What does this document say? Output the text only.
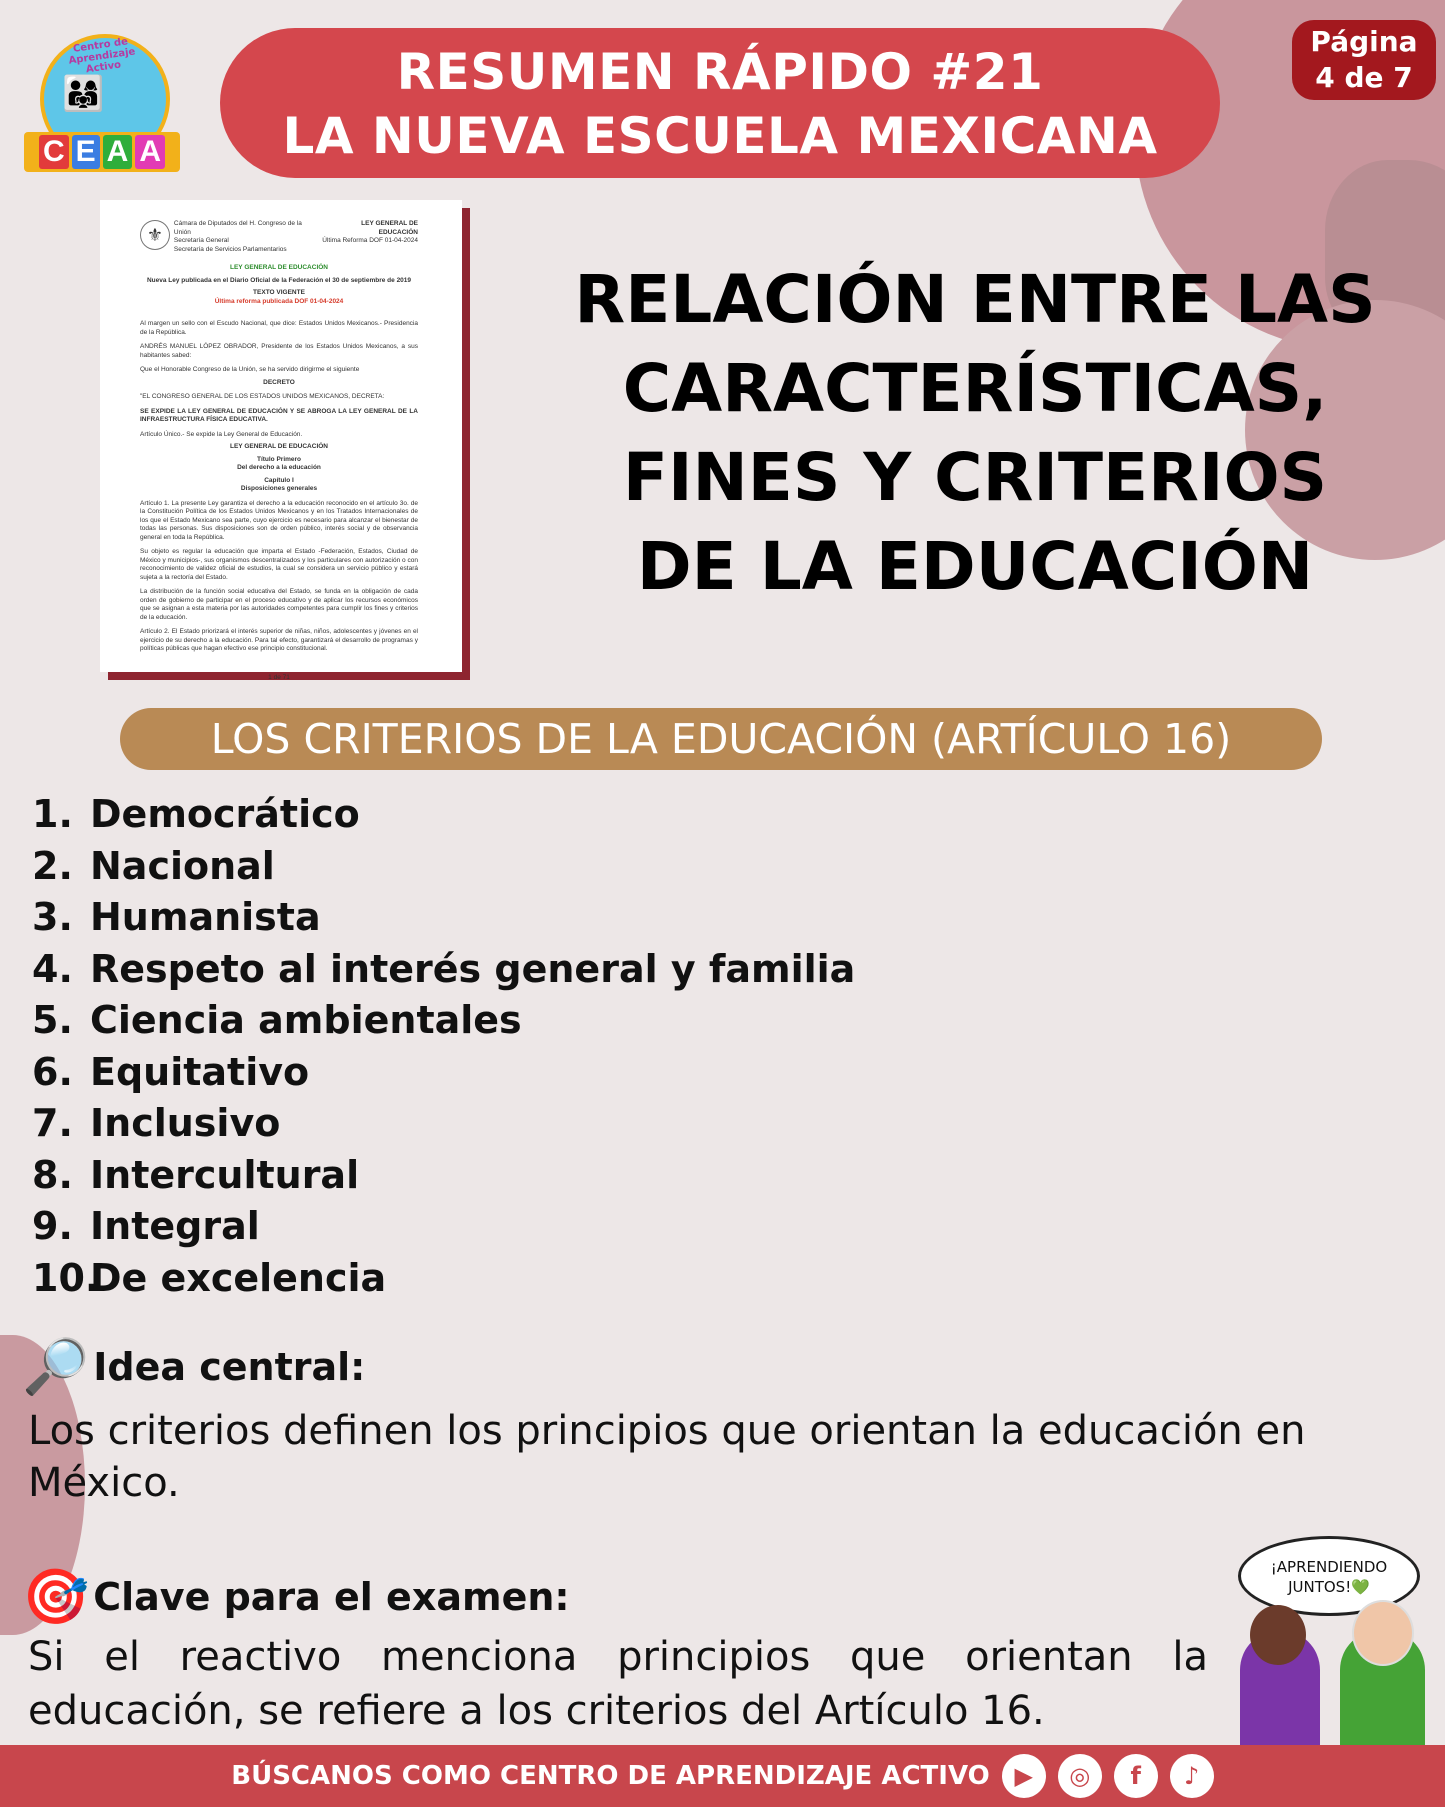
Centro de Aprendizaje Activo
👨‍👩‍👧
C E A A
RESUMEN RÁPIDO #21
LA NUEVA ESCUELA MEXICANA
Página
4 de 7
⚜
Cámara de Diputados del H. Congreso de la Unión
Secretaría General
Secretaría de Servicios Parlamentarios
LEY GENERAL DE EDUCACIÓN
Última Reforma DOF 01-04-2024
LEY GENERAL DE EDUCACIÓN
Nueva Ley publicada en el Diario Oficial de la Federación el 30 de septiembre de 2019
TEXTO VIGENTE
Última reforma publicada DOF 01-04-2024
Al margen un sello con el Escudo Nacional, que dice: Estados Unidos Mexicanos.- Presidencia de la República.
ANDRÉS MANUEL LÓPEZ OBRADOR, Presidente de los Estados Unidos Mexicanos, a sus habitantes sabed:
Que el Honorable Congreso de la Unión, se ha servido dirigirme el siguiente
DECRETO
"EL CONGRESO GENERAL DE LOS ESTADOS UNIDOS MEXICANOS, DECRETA:
SE EXPIDE LA LEY GENERAL DE EDUCACIÓN Y SE ABROGA LA LEY GENERAL DE LA INFRAESTRUCTURA FÍSICA EDUCATIVA.
Artículo Único.- Se expide la Ley General de Educación.
LEY GENERAL DE EDUCACIÓN
Título Primero
Del derecho a la educación
Capítulo I
Disposiciones generales
Artículo 1. La presente Ley garantiza el derecho a la educación reconocido en el artículo 3o. de la Constitución Política de los Estados Unidos Mexicanos y en los Tratados Internacionales de los que el Estado Mexicano sea parte, cuyo ejercicio es necesario para alcanzar el bienestar de todas las personas. Sus disposiciones son de orden público, interés social y de observancia general en toda la República.
Su objeto es regular la educación que imparta el Estado -Federación, Estados, Ciudad de México y municipios-, sus organismos descentralizados y los particulares con autorización o con reconocimiento de validez oficial de estudios, la cual se considera un servicio público y estará sujeta a la rectoría del Estado.
La distribución de la función social educativa del Estado, se funda en la obligación de cada orden de gobierno de participar en el proceso educativo y de aplicar los recursos económicos que se asignan a esta materia por las autoridades competentes para cumplir los fines y criterios de la educación.
Artículo 2. El Estado priorizará el interés superior de niñas, niños, adolescentes y jóvenes en el ejercicio de su derecho a la educación. Para tal efecto, garantizará el desarrollo de programas y políticas públicas que hagan efectivo ese principio constitucional.
1 de 71
RELACIÓN ENTRE LAS
CARACTERÍSTICAS,
FINES Y CRITERIOS
DE LA EDUCACIÓN
LOS CRITERIOS DE LA EDUCACIÓN (ARTÍCULO 16)
1. Democrático
2. Nacional
3. Humanista
4. Respeto al interés general y familia
5. Ciencia ambientales
6. Equitativo
7. Inclusivo
8. Intercultural
9. Integral
10.
De excelencia
🔎 Idea central:
Los criterios definen los principios que orientan la educación en México.
🎯 Clave para el examen:
Si el reactivo menciona principios que orientan la educación, se refiere a los criterios del Artículo 16.
¡APRENDIENDO
JUNTOS!💚
BÚSCANOS COMO CENTRO DE APRENDIZAJE ACTIVO	▶	◎	f	♪
